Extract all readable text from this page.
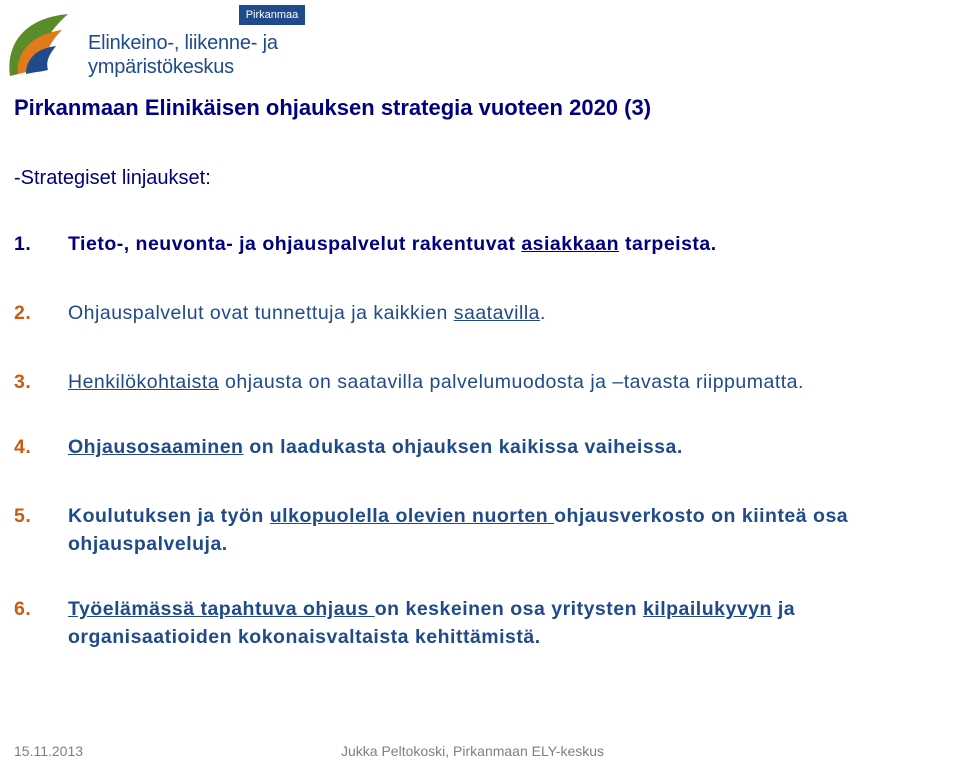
Elinkeino-, liikenne- ja
ympäristökeskus
Pirkanmaa
Pirkanmaan Elinikäisen ohjauksen strategia vuoteen 2020 (3)
-Strategiset linjaukset:
1. Tieto-, neuvonta- ja ohjauspalvelut rakentuvat asiakkaan tarpeista.
2. Ohjauspalvelut ovat tunnettuja ja kaikkien saatavilla.
3. Henkilökohtaista ohjausta on saatavilla palvelumuodosta ja –tavasta riippumatta.
4. Ohjausosaaminen on laadukasta ohjauksen kaikissa vaiheissa.
5. Koulutuksen ja työn ulkopuolella olevien nuorten ohjausverkosto on kiinteä osa ohjauspalveluja.
6. Työelämässä tapahtuva ohjaus on keskeinen osa yritysten kilpailukyvyn ja organisaatioiden kokonaisvaltaista kehittämistä.
15.11.2013	Jukka Peltokoski, Pirkanmaan ELY-keskus
